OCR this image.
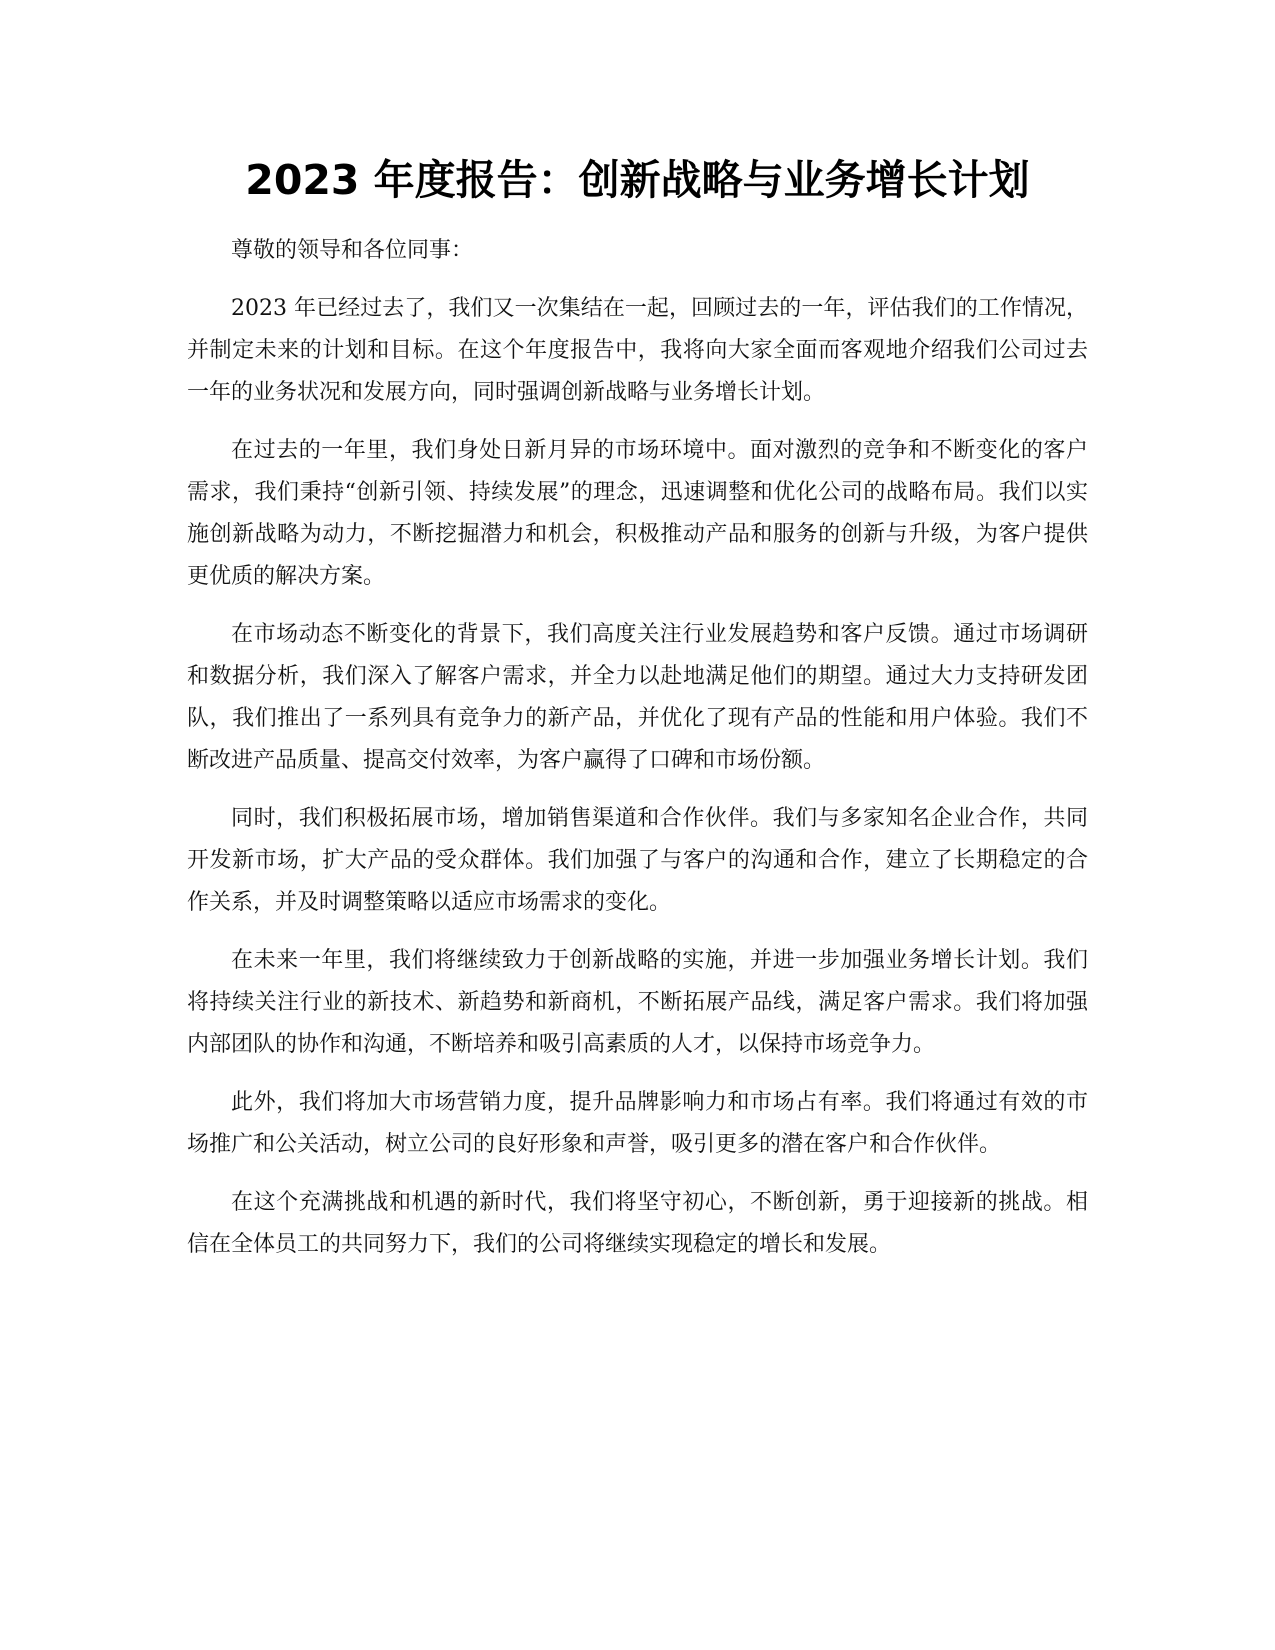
2023 年度报告：创新战略与业务增长计划

尊敬的领导和各位同事：

2023 年已经过去了，我们又一次集结在一起，回顾过去的一年，评估我们的工作情况，并制定未来的计划和目标。在这个年度报告中，我将向大家全面而客观地介绍我们公司过去一年的业务状况和发展方向，同时强调创新战略与业务增长计划。

在过去的一年里，我们身处日新月异的市场环境中。面对激烈的竞争和不断变化的客户需求，我们秉持“创新引领、持续发展”的理念，迅速调整和优化公司的战略布局。我们以实施创新战略为动力，不断挖掘潜力和机会，积极推动产品和服务的创新与升级，为客户提供更优质的解决方案。

在市场动态不断变化的背景下，我们高度关注行业发展趋势和客户反馈。通过市场调研和数据分析，我们深入了解客户需求，并全力以赴地满足他们的期望。通过大力支持研发团队，我们推出了一系列具有竞争力的新产品，并优化了现有产品的性能和用户体验。我们不断改进产品质量、提高交付效率，为客户赢得了口碑和市场份额。

同时，我们积极拓展市场，增加销售渠道和合作伙伴。我们与多家知名企业合作，共同开发新市场，扩大产品的受众群体。我们加强了与客户的沟通和合作，建立了长期稳定的合作关系，并及时调整策略以适应市场需求的变化。

在未来一年里，我们将继续致力于创新战略的实施，并进一步加强业务增长计划。我们将持续关注行业的新技术、新趋势和新商机，不断拓展产品线，满足客户需求。我们将加强内部团队的协作和沟通，不断培养和吸引高素质的人才，以保持市场竞争力。

此外，我们将加大市场营销力度，提升品牌影响力和市场占有率。我们将通过有效的市场推广和公关活动，树立公司的良好形象和声誉，吸引更多的潜在客户和合作伙伴。

在这个充满挑战和机遇的新时代，我们将坚守初心，不断创新，勇于迎接新的挑战。相信在全体员工的共同努力下，我们的公司将继续实现稳定的增长和发展。
